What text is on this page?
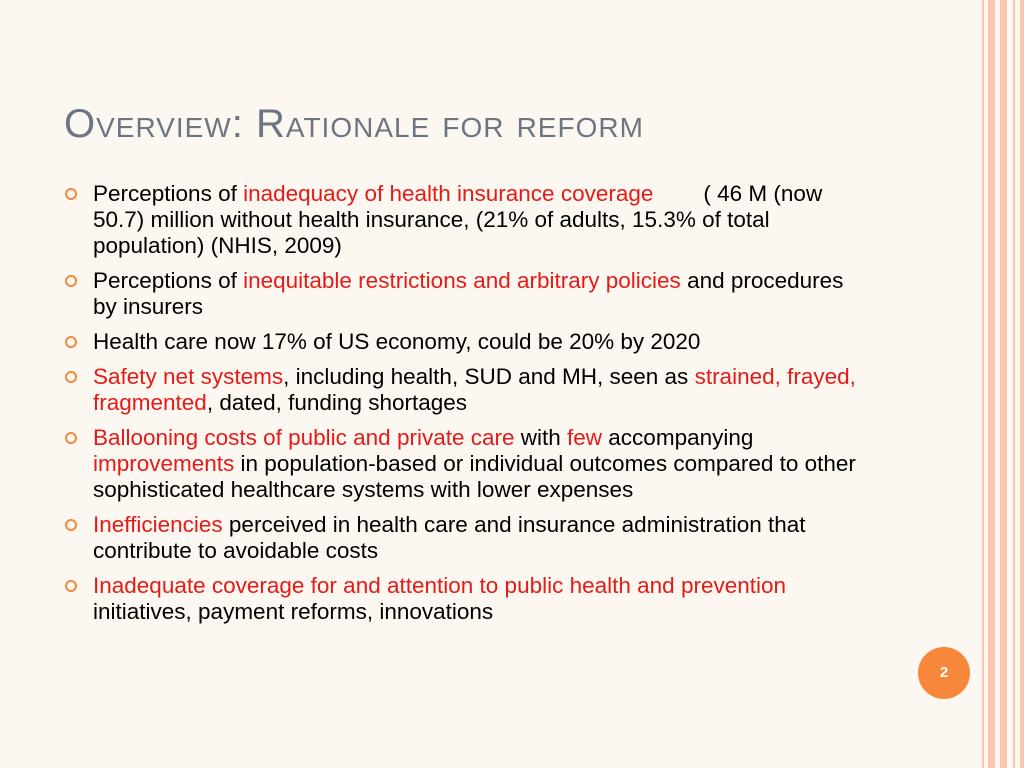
Overview: Rationale for reform
Perceptions of inadequacy of health insurance coverage ( 46 M (now 50.7) million without health insurance, (21% of adults, 15.3% of total population) (NHIS, 2009)
Perceptions of inequitable restrictions and arbitrary policies and procedures by insurers
Health care now 17% of US economy, could be 20% by 2020
Safety net systems, including health, SUD and MH, seen as strained, frayed, fragmented, dated, funding shortages
Ballooning costs of public and private care with few accompanying improvements in population-based or individual outcomes compared to other sophisticated healthcare systems with lower expenses
Inefficiencies perceived in health care and insurance administration that contribute to avoidable costs
Inadequate coverage for and attention to public health and prevention initiatives, payment reforms, innovations
2
